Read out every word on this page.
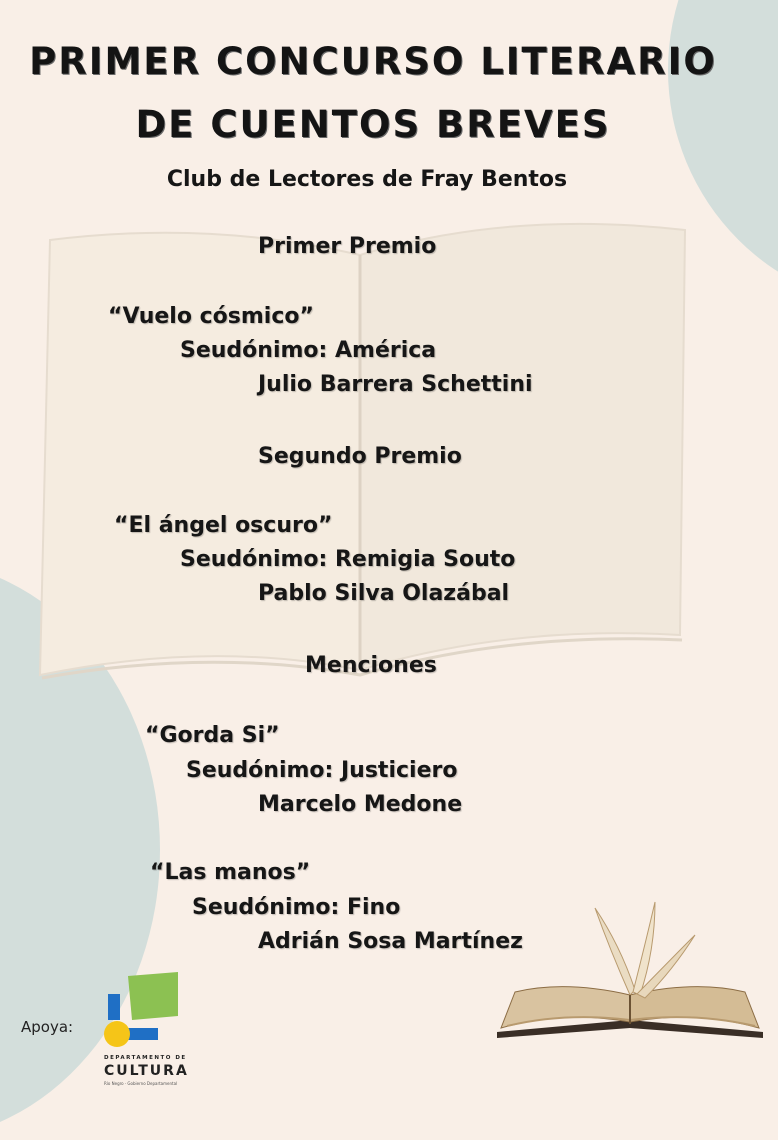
PRIMER CONCURSO LITERARIO
DE CUENTOS BREVES
Club de Lectores de Fray Bentos
Primer Premio
“Vuelo cósmico”
Seudónimo: América
Julio Barrera Schettini
Segundo Premio
“El ángel oscuro”
Seudónimo: Remigia Souto
Pablo Silva Olazábal
Menciones
“Gorda Si”
Seudónimo: Justiciero
Marcelo Medone
“Las manos”
Seudónimo: Fino
Adrián Sosa Martínez
Apoya:
DEPARTAMENTO DE
CULTURA
Río Negro · Gobierno Departamental
